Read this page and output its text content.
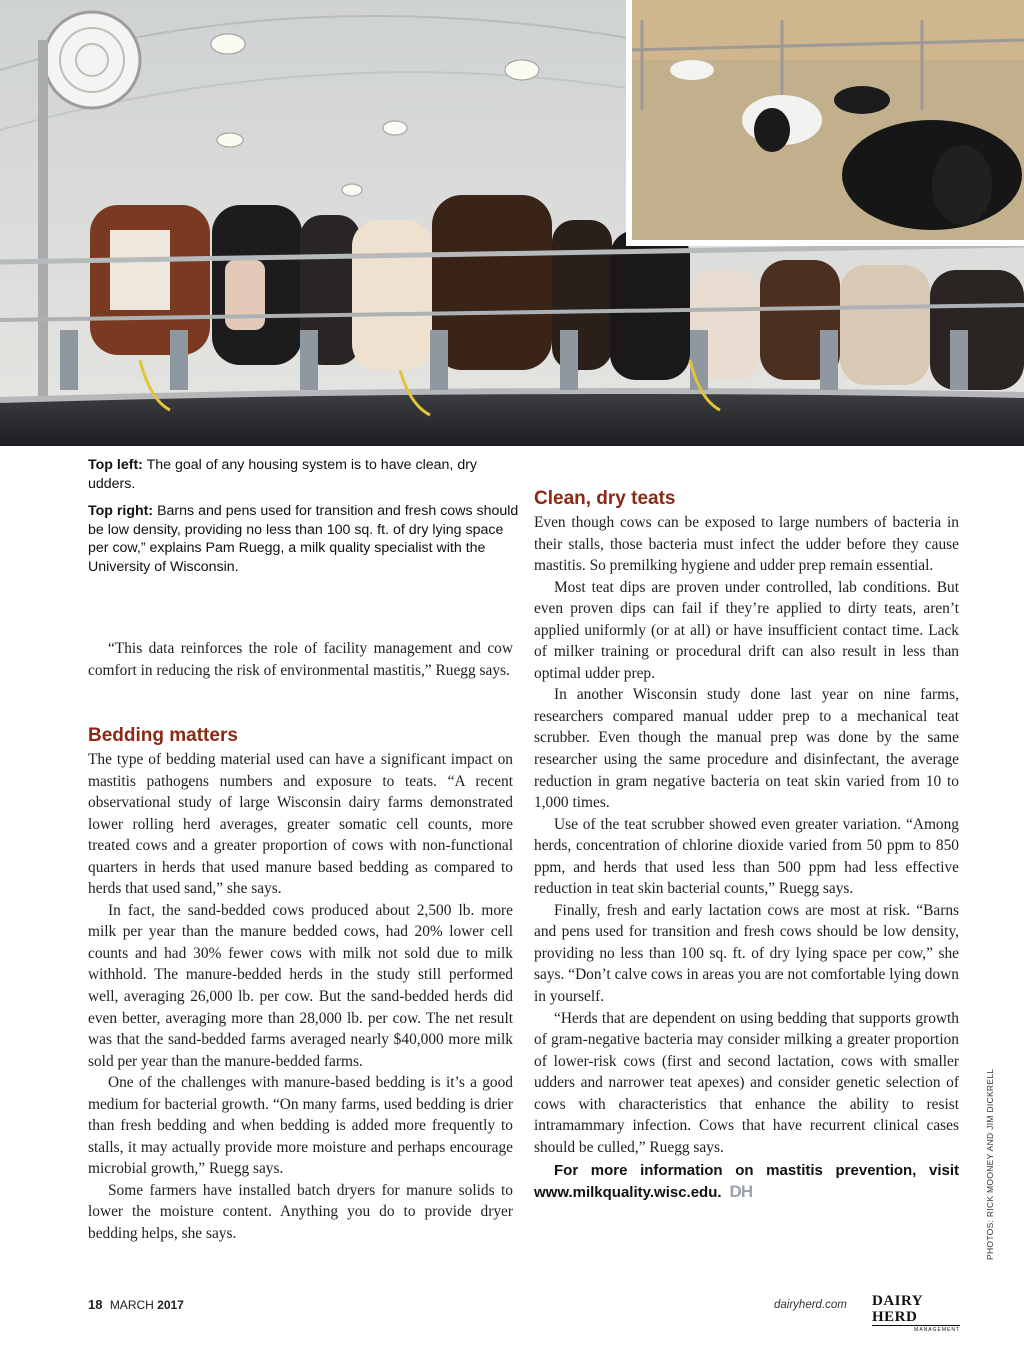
Top left: The goal of any housing system is to have clean, dry udders.

Top right: Barns and pens used for transition and fresh cows should be low density, providing no less than 100 sq. ft. of dry lying space per cow,” explains Pam Ruegg, a milk quality specialist with the University of Wisconsin.

“This data reinforces the role of facility management and cow comfort in reducing the risk of environmental mastitis,” Ruegg says.

Bedding matters

The type of bedding material used can have a significant impact on mastitis pathogens numbers and exposure to teats. “A recent observational study of large Wisconsin dairy farms demonstrated lower rolling herd averages, greater somatic cell counts, more treated cows and a greater proportion of cows with non-functional quarters in herds that used manure based bedding as compared to herds that used sand,” she says.

In fact, the sand-bedded cows produced about 2,500 lb. more milk per year than the manure bedded cows, had 20% lower cell counts and had 30% fewer cows with milk not sold due to milk withhold. The manure-bedded herds in the study still performed well, averaging 26,000 lb. per cow. But the sand-bedded herds did even better, averaging more than 28,000 lb. per cow. The net result was that the sand-bedded farms averaged nearly $40,000 more milk sold per year than the manure-bedded farms.

One of the challenges with manure-based bedding is it’s a good medium for bacterial growth. “On many farms, used bedding is drier than fresh bedding and when bedding is added more frequently to stalls, it may actually provide more moisture and perhaps encourage microbial growth,” Ruegg says.

Some farmers have installed batch dryers for manure solids to lower the moisture content. Anything you do to provide dryer bedding helps, she says.

Clean, dry teats

Even though cows can be exposed to large numbers of bacteria in their stalls, those bacteria must infect the udder before they cause mastitis. So premilking hygiene and udder prep remain essential.

Most teat dips are proven under controlled, lab conditions. But even proven dips can fail if they’re applied to dirty teats, aren’t applied uniformly (or at all) or have insufficient contact time. Lack of milker training or procedural drift can also result in less than optimal udder prep.

In another Wisconsin study done last year on nine farms, researchers compared manual udder prep to a mechanical teat scrubber. Even though the manual prep was done by the same researcher using the same procedure and disinfectant, the average reduction in gram negative bacteria on teat skin varied from 10 to 1,000 times.

Use of the teat scrubber showed even greater variation. “Among herds, concentration of chlorine dioxide varied from 50 ppm to 850 ppm, and herds that used less than 500 ppm had less effective reduction in teat skin bacterial counts,” Ruegg says.

Finally, fresh and early lactation cows are most at risk. “Barns and pens used for transition and fresh cows should be low density, providing no less than 100 sq. ft. of dry lying space per cow,” she says. “Don’t calve cows in areas you are not comfortable lying down in yourself.

“Herds that are dependent on using bedding that supports growth of gram-negative bacteria may consider milking a greater proportion of lower-risk cows (first and second lactation, cows with smaller udders and narrower teat apexes) and consider genetic selection of cows with characteristics that enhance the ability to resist intramammary infection. Cows that have recurrent clinical cases should be culled,” Ruegg says.

For more information on mastitis prevention, visit www.milkquality.wisc.edu. DH	PHOTOS: RICK MOONEY AND JIM DICKRELL
18 MARCH 2017	dairyherd.com DAIRY HERD
MANAGEMENT
